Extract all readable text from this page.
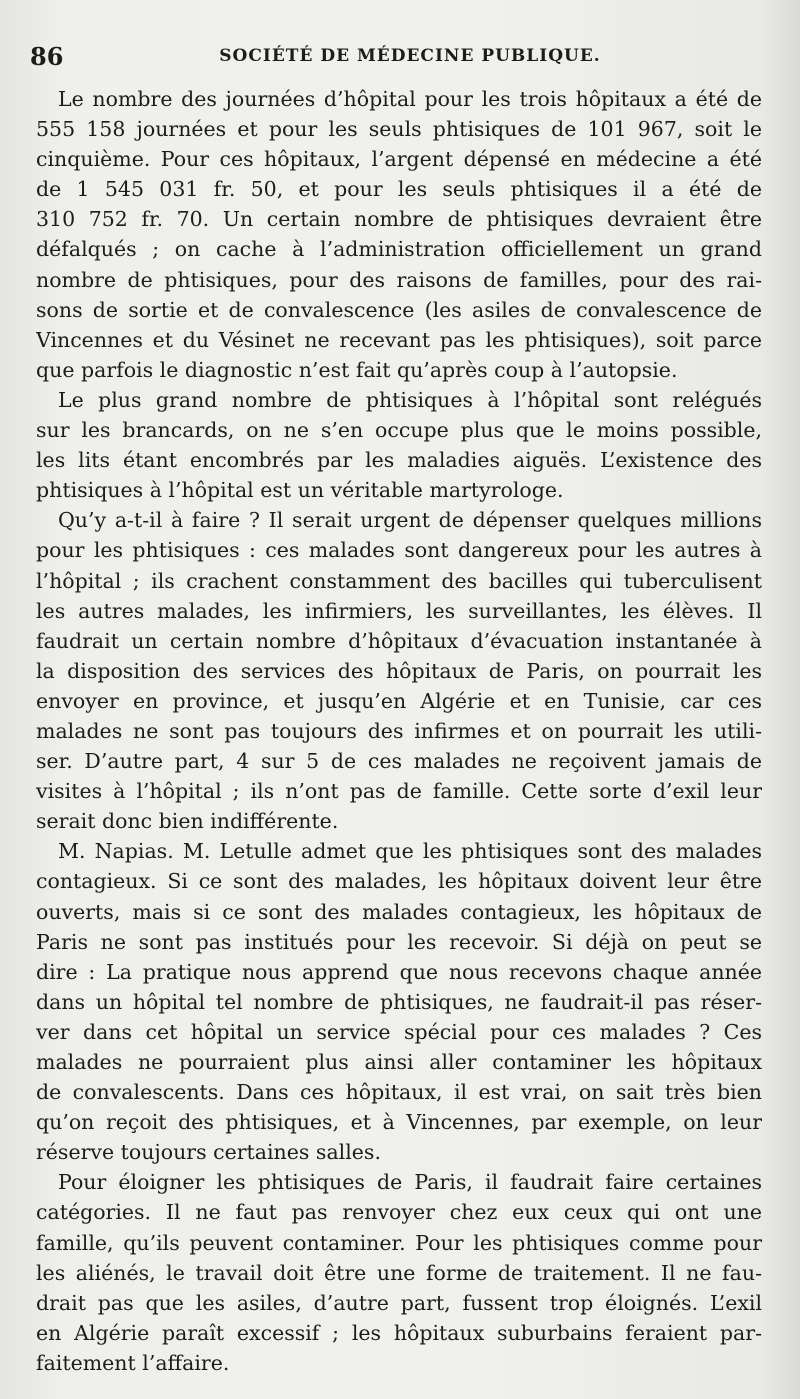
86	SOCIÉTÉ DE MÉDECINE PUBLIQUE.
Le nombre des journées d’hôpital pour les trois hôpitaux a été de
555 158 journées et pour les seuls phtisiques de 101 967, soit le
cinquième. Pour ces hôpitaux, l’argent dépensé en médecine a été
de 1 545 031 fr. 50, et pour les seuls phtisiques il a été de
310 752 fr. 70. Un certain nombre de phtisiques devraient être
défalqués ; on cache à l’administration officiellement un grand
nombre de phtisiques, pour des raisons de familles, pour des rai-
sons de sortie et de convalescence (les asiles de convalescence de
Vincennes et du Vésinet ne recevant pas les phtisiques), soit parce
que parfois le diagnostic n’est fait qu’après coup à l’autopsie.
Le plus grand nombre de phtisiques à l’hôpital sont relégués
sur les brancards, on ne s’en occupe plus que le moins possible,
les lits étant encombrés par les maladies aiguës. L’existence des
phtisiques à l’hôpital est un véritable martyrologe.
Qu’y a-t-il à faire ? Il serait urgent de dépenser quelques millions
pour les phtisiques : ces malades sont dangereux pour les autres à
l’hôpital ; ils crachent constamment des bacilles qui tuberculisent
les autres malades, les infirmiers, les surveillantes, les élèves. Il
faudrait un certain nombre d’hôpitaux d’évacuation instantanée à
la disposition des services des hôpitaux de Paris, on pourrait les
envoyer en province, et jusqu’en Algérie et en Tunisie, car ces
malades ne sont pas toujours des infirmes et on pourrait les utili-
ser. D’autre part, 4 sur 5 de ces malades ne reçoivent jamais de
visites à l’hôpital ; ils n’ont pas de famille. Cette sorte d’exil leur
serait donc bien indifférente.
M. Napias. M. Letulle admet que les phtisiques sont des malades
contagieux. Si ce sont des malades, les hôpitaux doivent leur être
ouverts, mais si ce sont des malades contagieux, les hôpitaux de
Paris ne sont pas institués pour les recevoir. Si déjà on peut se
dire : La pratique nous apprend que nous recevons chaque année
dans un hôpital tel nombre de phtisiques, ne faudrait-il pas réser-
ver dans cet hôpital un service spécial pour ces malades ? Ces
malades ne pourraient plus ainsi aller contaminer les hôpitaux
de convalescents. Dans ces hôpitaux, il est vrai, on sait très bien
qu’on reçoit des phtisiques, et à Vincennes, par exemple, on leur
réserve toujours certaines salles.
Pour éloigner les phtisiques de Paris, il faudrait faire certaines
catégories. Il ne faut pas renvoyer chez eux ceux qui ont une
famille, qu’ils peuvent contaminer. Pour les phtisiques comme pour
les aliénés, le travail doit être une forme de traitement. Il ne fau-
drait pas que les asiles, d’autre part, fussent trop éloignés. L’exil
en Algérie paraît excessif ; les hôpitaux suburbains feraient par-
faitement l’affaire.
